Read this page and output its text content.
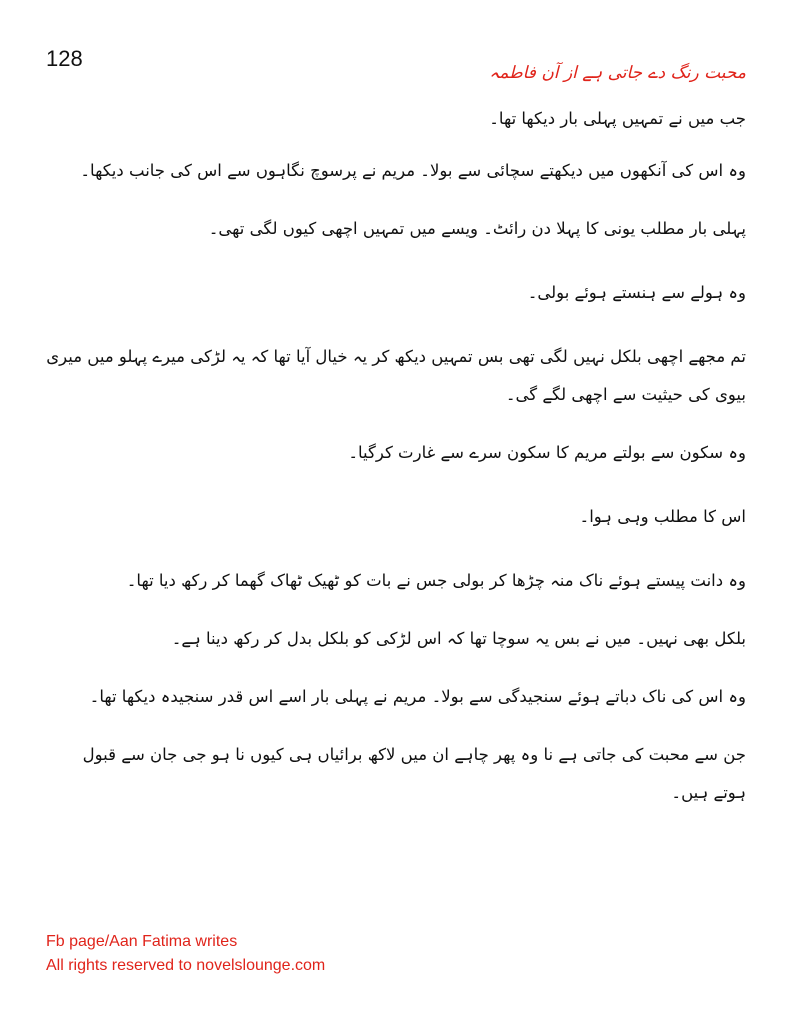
128
محبت رنگ دے جاتی ہے از آن فاطمہ

جب میں نے تمہیں پہلی بار دیکھا تھا۔

وہ اس کی آنکھوں میں دیکھتے سچائی سے بولا۔ مریم نے پرسوچ نگاہوں سے اس کی جانب دیکھا۔

پہلی بار مطلب یونی کا پہلا دن رائٹ۔ ویسے میں تمہیں اچھی کیوں لگی تھی۔

وہ ہولے سے ہنستے ہوئے بولی۔

تم مجھے اچھی بلکل نہیں لگی تھی بس تمہیں دیکھ کر یہ خیال آیا تھا کہ یہ لڑکی میرے پہلو میں میری بیوی کی حیثیت سے اچھی لگے گی۔

وہ سکون سے بولتے مریم کا سکون سرے سے غارت کرگیا۔

اس کا مطلب وہی ہوا۔

وہ دانت پیستے ہوئے ناک منہ چڑھا کر بولی جس نے بات کو ٹھیک ٹھاک گھما کر رکھ دیا تھا۔

بلکل بھی نہیں۔ میں نے بس یہ سوچا تھا کہ اس لڑکی کو بلکل بدل کر رکھ دینا ہے۔

وہ اس کی ناک دباتے ہوئے سنجیدگی سے بولا۔ مریم نے پہلی بار اسے اس قدر سنجیدہ دیکھا تھا۔

جن سے محبت کی جاتی ہے نا وہ پھر چاہے ان میں لاکھ برائیاں ہی کیوں نا ہو جی جان سے قبول ہوتے ہیں۔

Fb page/Aan Fatima writes
All rights reserved to novelslounge.com
